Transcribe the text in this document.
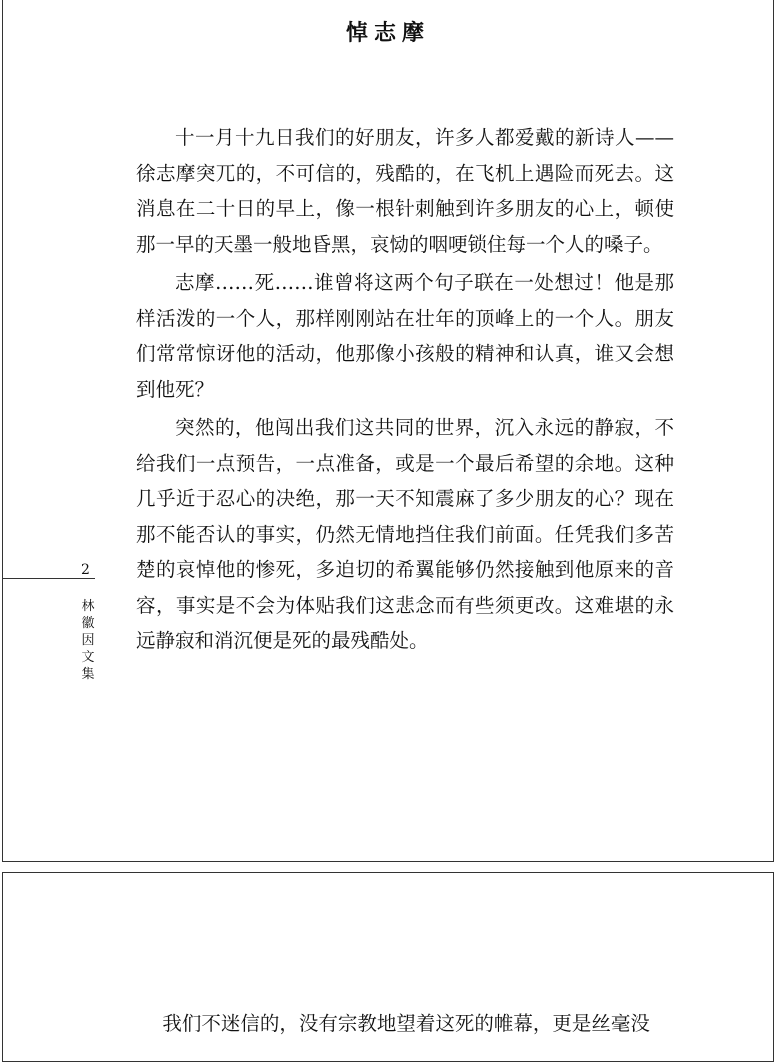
悼志摩

十一月十九日我们的好朋友，许多人都爱戴的新诗人——徐志摩突兀的，不可信的，残酷的，在飞机上遇险而死去。这消息在二十日的早上，像一根针刺触到许多朋友的心上，顿使那一早的天墨一般地昏黑，哀恸的咽哽锁住每一个人的嗓子。

志摩……死……谁曾将这两个句子联在一处想过！他是那样活泼的一个人，那样刚刚站在壮年的顶峰上的一个人。朋友们常常惊讶他的活动，他那像小孩般的精神和认真，谁又会想到他死？

突然的，他闯出我们这共同的世界，沉入永远的静寂，不给我们一点预告，一点准备，或是一个最后希望的余地。这种几乎近于忍心的决绝，那一天不知震麻了多少朋友的心？现在那不能否认的事实，仍然无情地挡住我们前面。任凭我们多苦楚的哀悼他的惨死，多迫切的希翼能够仍然接触到他原来的音容，事实是不会为体贴我们这悲念而有些须更改。这难堪的永远静寂和消沉便是死的最残酷处。

2
林徽因文集

我们不迷信的，没有宗教地望着这死的帷幕，更是丝毫没
